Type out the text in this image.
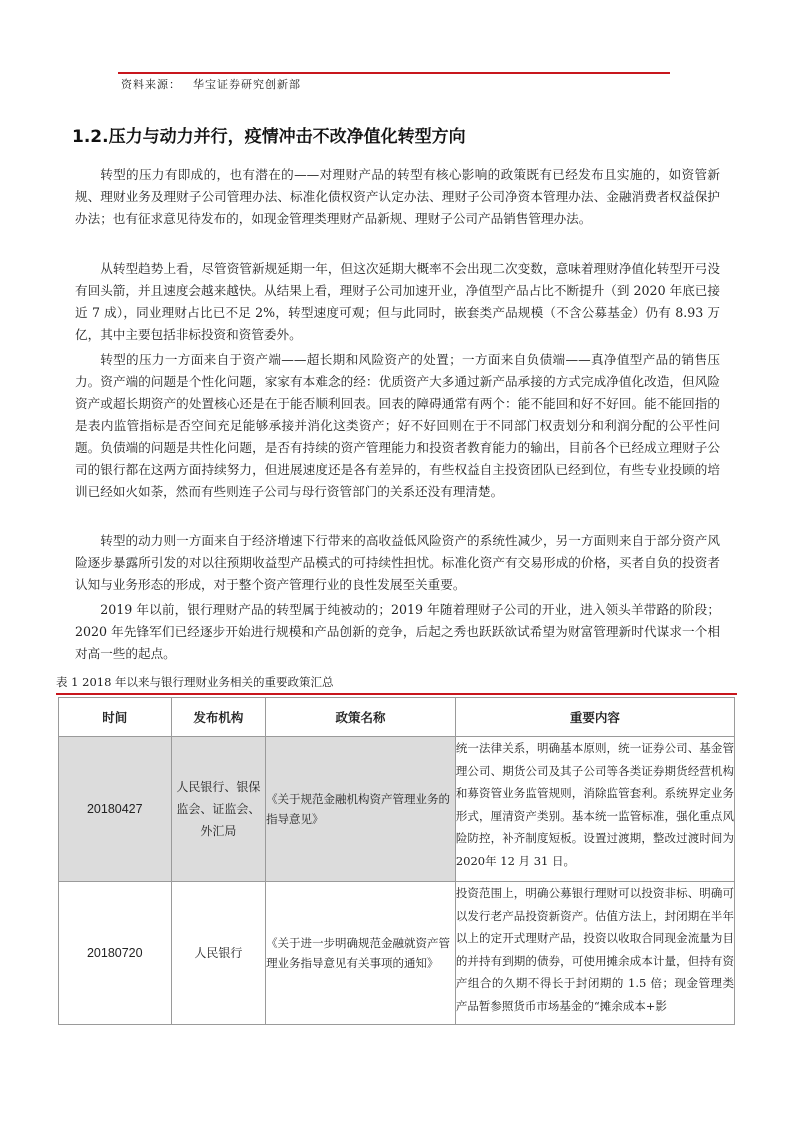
资料来源： 华宝证券研究创新部
1.2.压力与动力并行，疫情冲击不改净值化转型方向

转型的压力有即成的，也有潜在的——对理财产品的转型有核心影响的政策既有已经发布且实施的，如资管新规、理财业务及理财子公司管理办法、标准化债权资产认定办法、理财子公司净资本管理办法、金融消费者权益保护办法；也有征求意见待发布的，如现金管理类理财产品新规、理财子公司产品销售管理办法。

从转型趋势上看，尽管资管新规延期一年，但这次延期大概率不会出现二次变数，意味着理财净值化转型开弓没有回头箭，并且速度会越来越快。从结果上看，理财子公司加速开业，净值型产品占比不断提升（到 2020 年底已接近 7 成），同业理财占比已不足 2%，转型速度可观；但与此同时，嵌套类产品规模（不含公募基金）仍有 8.93 万亿，其中主要包括非标投资和资管委外。

转型的压力一方面来自于资产端——超长期和风险资产的处置；一方面来自负债端——真净值型产品的销售压力。资产端的问题是个性化问题，家家有本难念的经：优质资产大多通过新产品承接的方式完成净值化改造，但风险资产或超长期资产的处置核心还是在于能否顺利回表。回表的障碍通常有两个：能不能回和好不好回。能不能回指的是表内监管指标是否空间充足能够承接并消化这类资产；好不好回则在于不同部门权责划分和利润分配的公平性问题。负债端的问题是共性化问题，是否有持续的资产管理能力和投资者教育能力的输出，目前各个已经成立理财子公司的银行都在这两方面持续努力，但进展速度还是各有差异的，有些权益自主投资团队已经到位，有些专业投顾的培训已经如火如荼，然而有些则连子公司与母行资管部门的关系还没有理清楚。

转型的动力则一方面来自于经济增速下行带来的高收益低风险资产的系统性减少，另一方面则来自于部分资产风险逐步暴露所引发的对以往预期收益型产品模式的可持续性担忧。标准化资产有交易形成的价格，买者自负的投资者认知与业务形态的形成，对于整个资产管理行业的良性发展至关重要。

2019 年以前，银行理财产品的转型属于纯被动的；2019 年随着理财子公司的开业，进入领头羊带路的阶段；2020 年先锋军们已经逐步开始进行规模和产品创新的竞争，后起之秀也跃跃欲试希望为财富管理新时代谋求一个相对高一些的起点。

表 1 2018 年以来与银行理财业务相关的重要政策汇总
时间	发布机构	政策名称	重要内容
20180427	人民银行、银保监会、证监会、外汇局	《关于规范金融机构资产管理业务的指导意见》	统一法律关系，明确基本原则，统一证券公司、基金管理公司、期货公司及其子公司等各类证券期货经营机构和募资管业务监管规则，消除监管套利。系统界定业务形式，厘清资产类别。基本统一监管标准，强化重点风险防控，补齐制度短板。设置过渡期，整改过渡时间为 2020年 12 月 31 日。
20180720	人民银行	《关于进一步明确规范金融就资产管理业务指导意见有关事项的通知》	投资范围上，明确公募银行理财可以投资非标、明确可以发行老产品投资新资产。估值方法上，封闭期在半年以上的定开式理财产品，投资以收取合同现金流量为目的并持有到期的债券，可使用摊余成本计量，但持有资产组合的久期不得长于封闭期的 1.5 倍；现金管理类产品暂参照货币市场基金的“摊余成本+影
